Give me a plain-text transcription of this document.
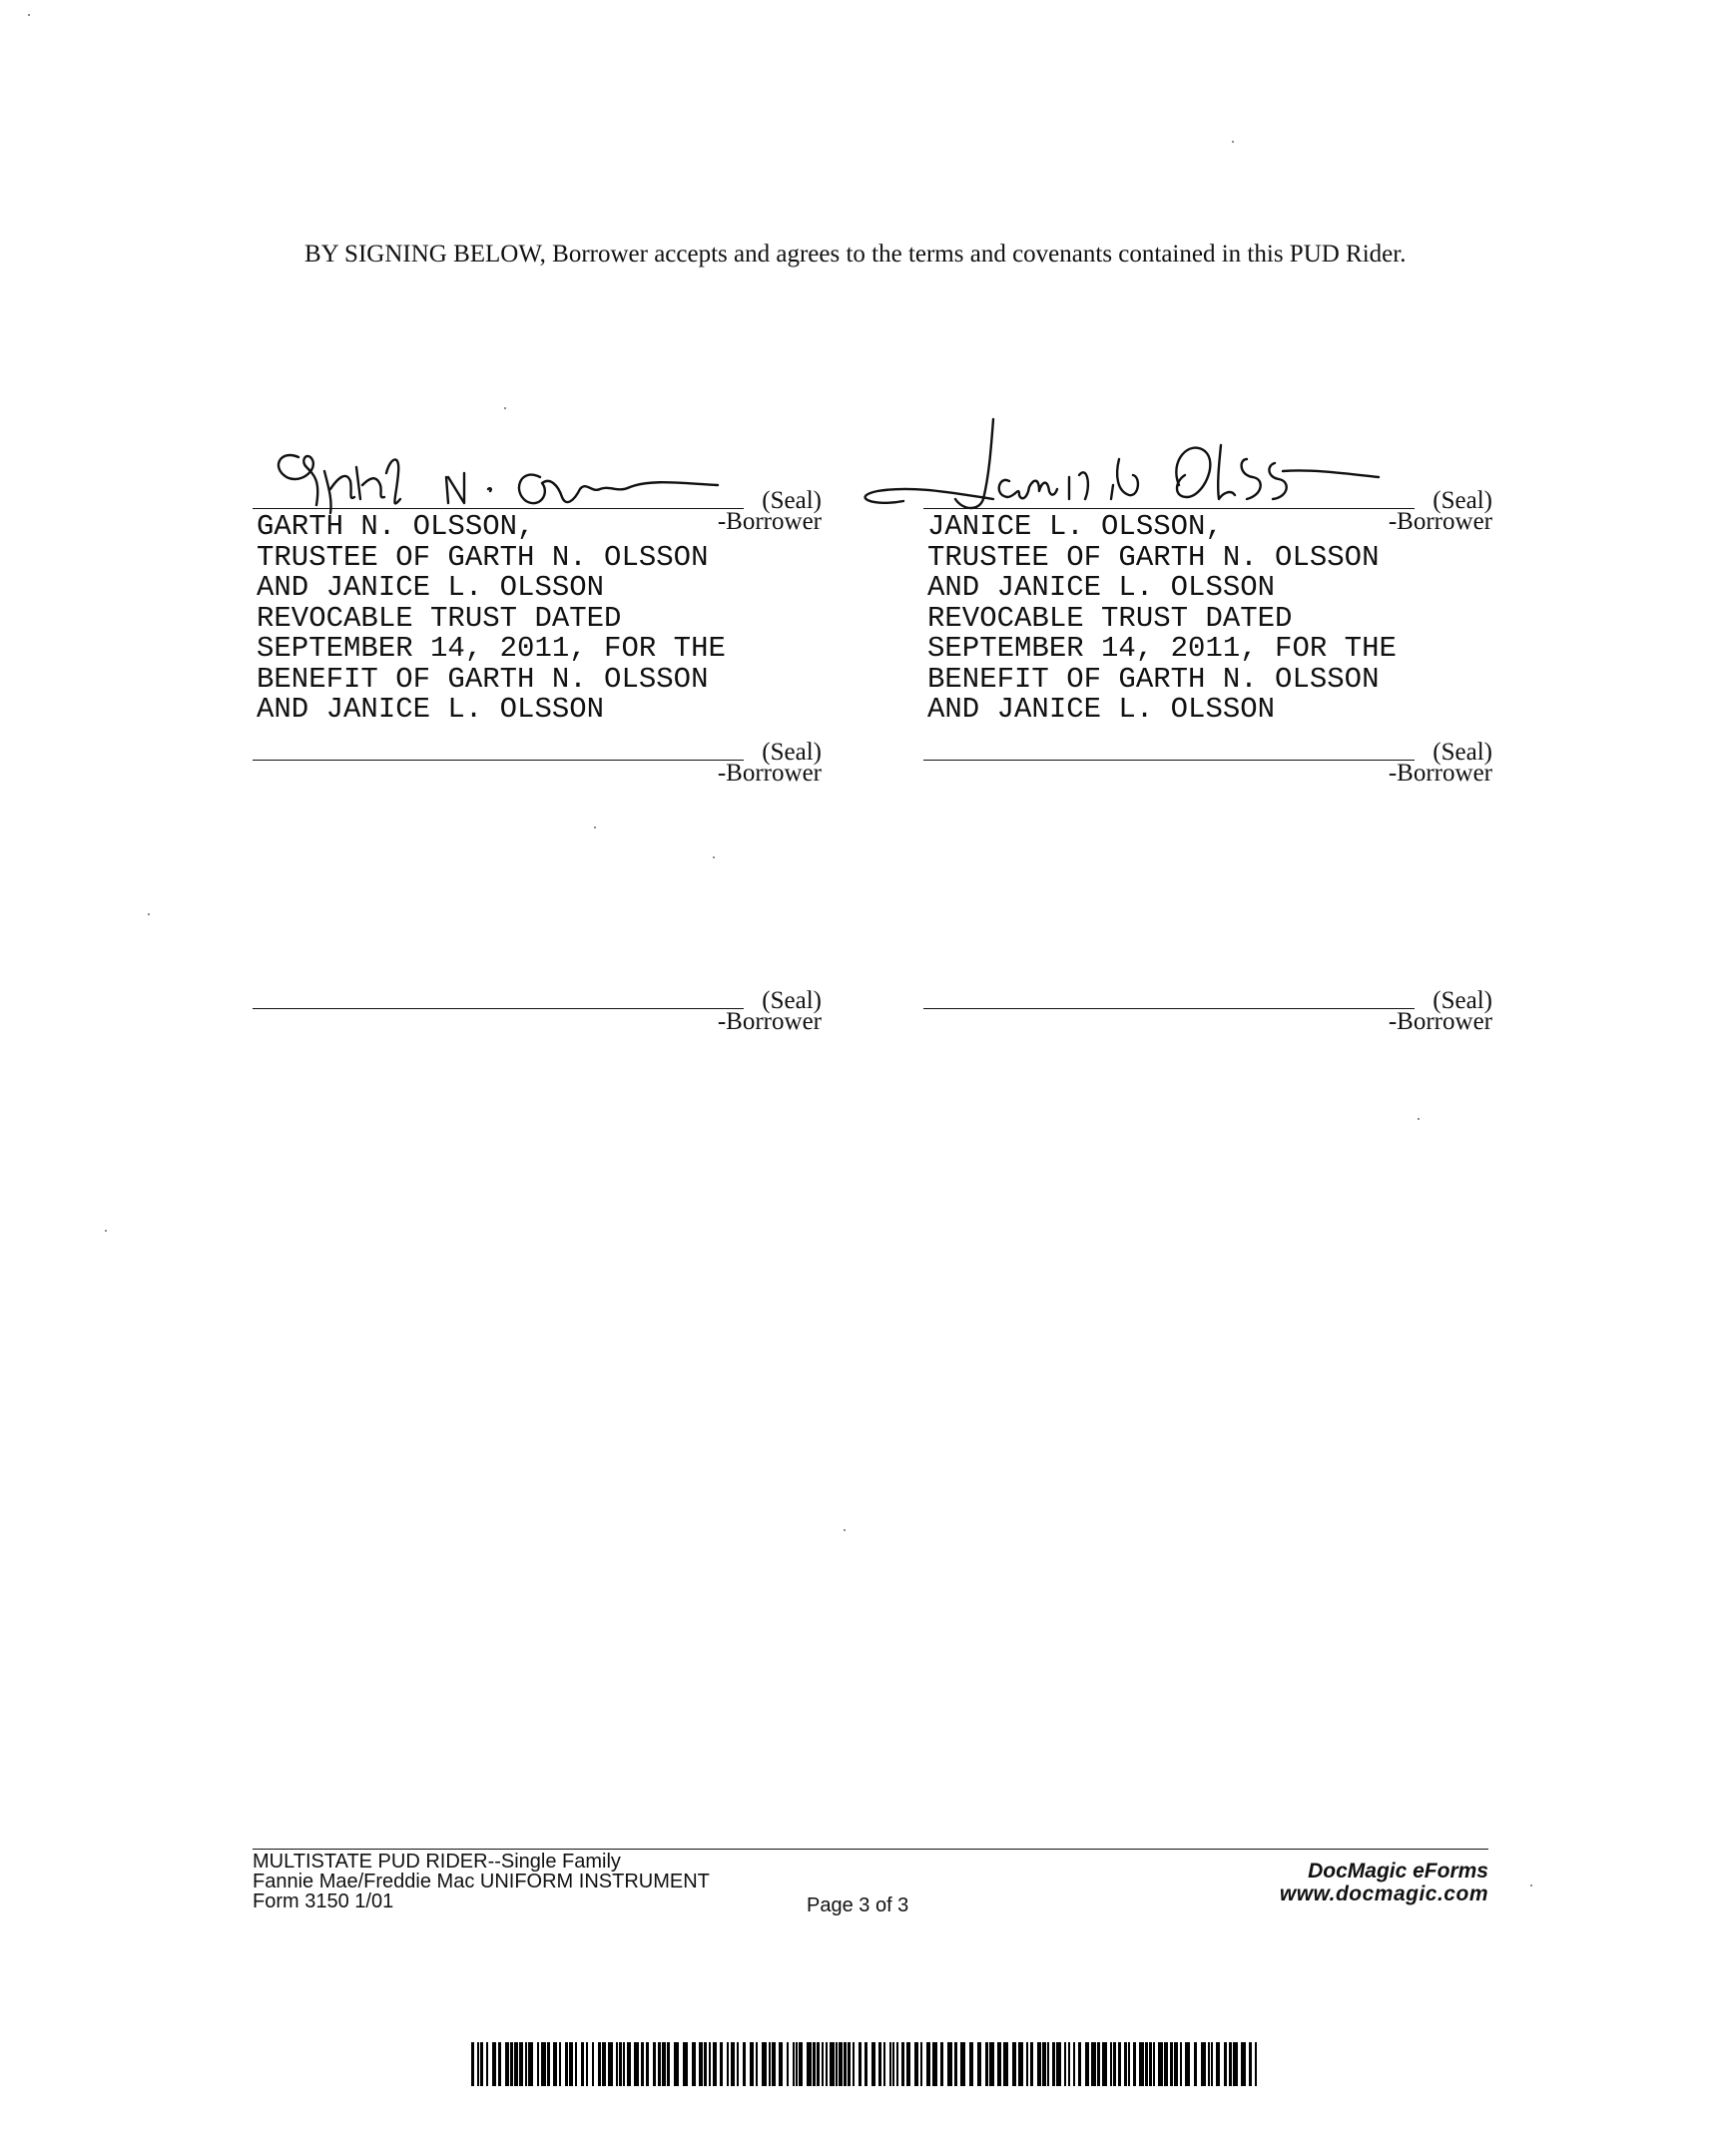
BY SIGNING BELOW, Borrower accepts and agrees to the terms and covenants contained in this PUD Rider.
(Seal)
-Borrower
GARTH N. OLSSON,
TRUSTEE OF GARTH N. OLSSON
AND JANICE L. OLSSON
REVOCABLE TRUST DATED
SEPTEMBER 14, 2011, FOR THE
BENEFIT OF GARTH N. OLSSON
AND JANICE L. OLSSON
(Seal)
-Borrower
JANICE L. OLSSON,
TRUSTEE OF GARTH N. OLSSON
AND JANICE L. OLSSON
REVOCABLE TRUST DATED
SEPTEMBER 14, 2011, FOR THE
BENEFIT OF GARTH N. OLSSON
AND JANICE L. OLSSON
(Seal)
-Borrower
(Seal)
-Borrower
(Seal)
-Borrower
(Seal)
-Borrower
MULTISTATE PUD RIDER--Single Family
Fannie Mae/Freddie Mac UNIFORM INSTRUMENT
Form 3150 1/01	Page 3 of 3
DocMagic eForms
www.docmagic.com
